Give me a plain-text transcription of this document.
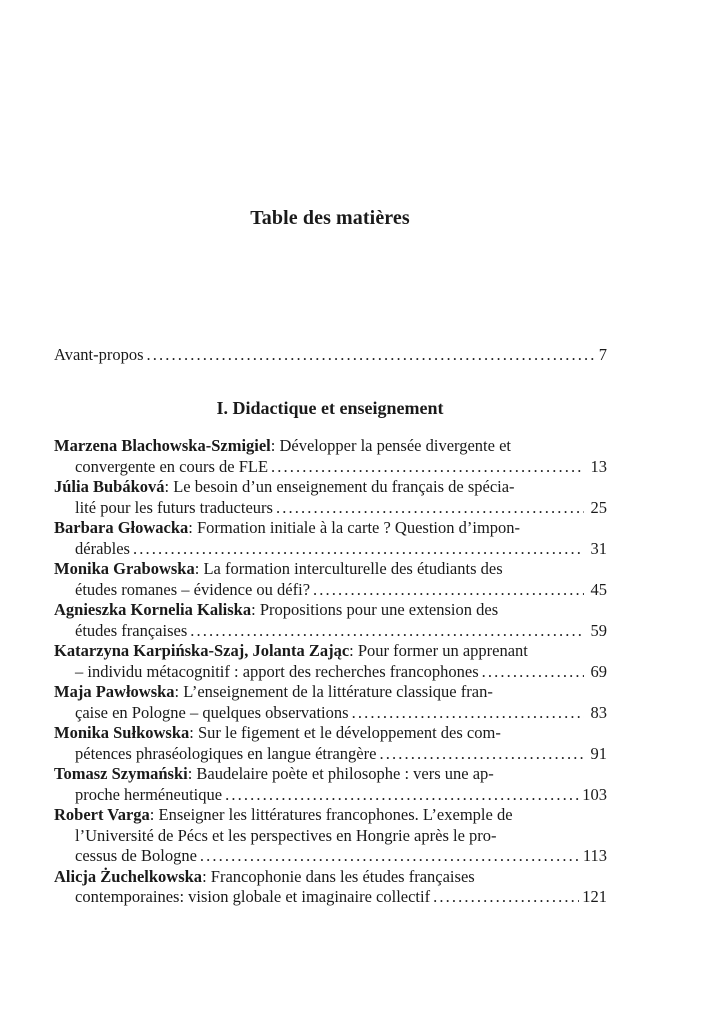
Table des matières
Avant-propos . . .	7
I. Didactique et enseignement
Marzena Blachowska-Szmigiel: Développer la pensée divergente et
convergente en cours de FLE . . .	13
Júlia Bubáková: Le besoin d’un enseignement du français de spécia-
lité pour les futurs traducteurs . . .	25
Barbara Głowacka: Formation initiale à la carte ? Question d’impon-
dérables . . .	31
Monika Grabowska: La formation interculturelle des étudiants des
études romanes – évidence ou défi? . . .	45
Agnieszka Kornelia Kaliska: Propositions pour une extension des
études françaises . . .	59
Katarzyna Karpińska-Szaj, Jolanta Zając: Pour former un apprenant
– individu métacognitif : apport des recherches francophones . . .	69
Maja Pawłowska: L’enseignement de la littérature classique fran-
çaise en Pologne – quelques observations . . .	83
Monika Sułkowska: Sur le figement et le développement des com-
pétences phraséologiques en langue étrangère . . .	91
Tomasz Szymański: Baudelaire poète et philosophe : vers une ap-
proche herméneutique . . .	103
Robert Varga: Enseigner les littératures francophones. L’exemple de
l’Université de Pécs et les perspectives en Hongrie après le pro-
cessus de Bologne . . .	113
Alicja Żuchelkowska: Francophonie dans les études françaises
contemporaines: vision globale et imaginaire collectif . . .	121
